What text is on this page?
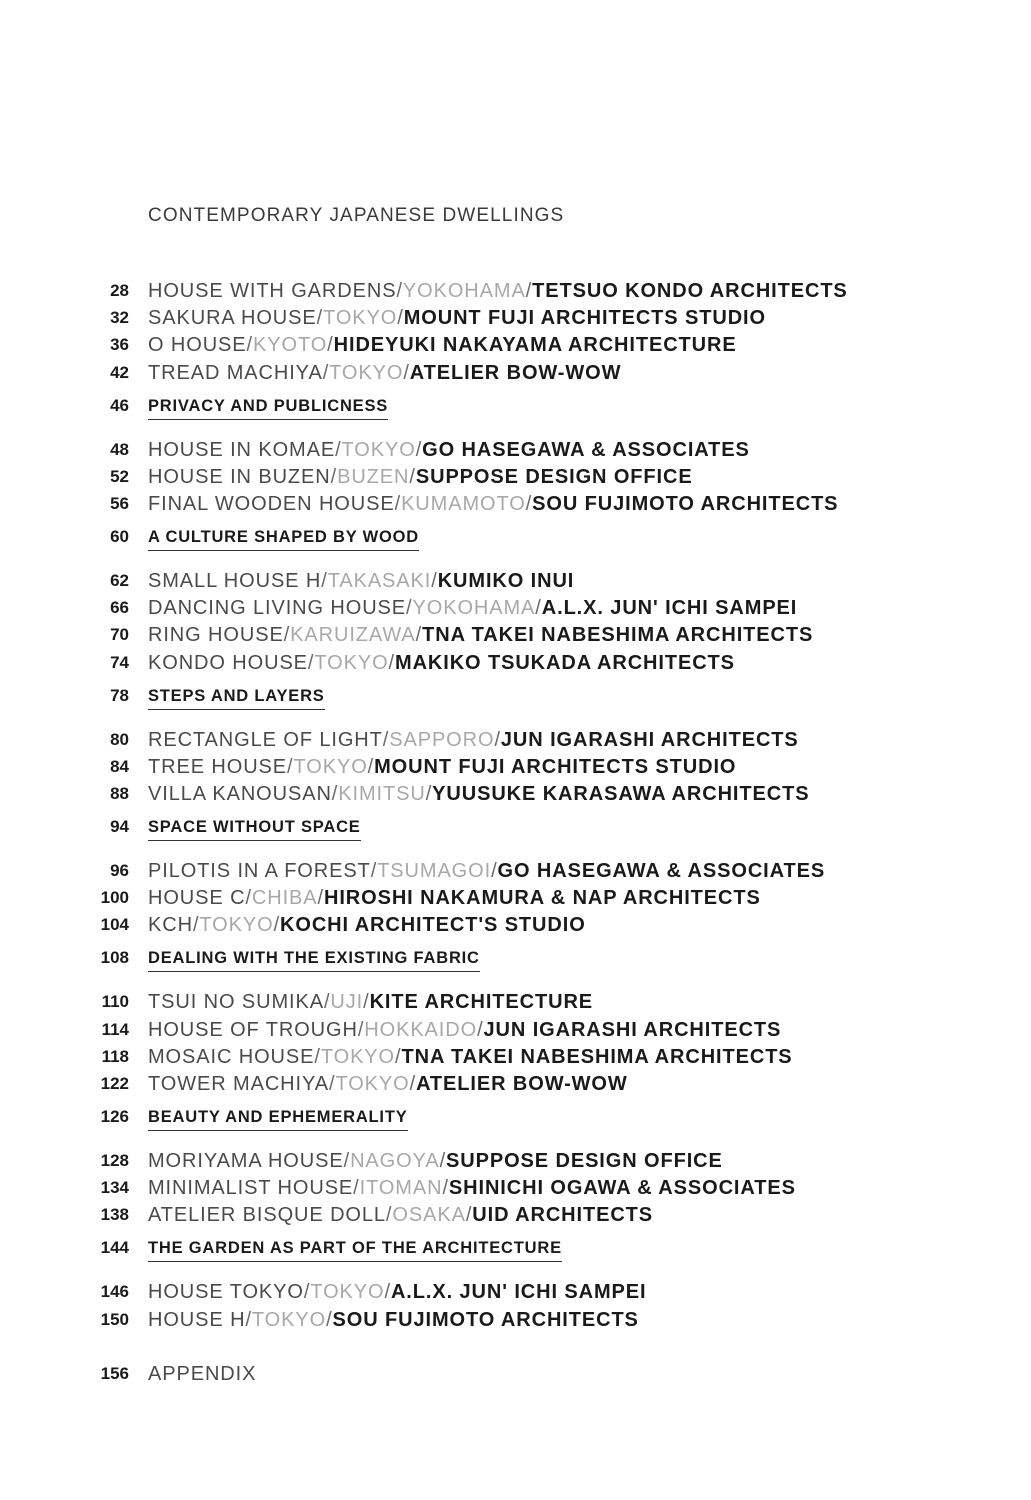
CONTEMPORARY JAPANESE DWELLINGS
28 HOUSE WITH GARDENS/YOKOHAMA/TETSUO KONDO ARCHITECTS
32 SAKURA HOUSE/TOKYO/MOUNT FUJI ARCHITECTS STUDIO
36 O HOUSE/KYOTO/HIDEYUKI NAKAYAMA ARCHITECTURE
42 TREAD MACHIYA/TOKYO/ATELIER BOW-WOW
46 PRIVACY AND PUBLICNESS
48 HOUSE IN KOMAE/TOKYO/GO HASEGAWA & ASSOCIATES
52 HOUSE IN BUZEN/BUZEN/SUPPOSE DESIGN OFFICE
56 FINAL WOODEN HOUSE/KUMAMOTO/SOU FUJIMOTO ARCHITECTS
60 A CULTURE SHAPED BY WOOD
62 SMALL HOUSE H/TAKASAKI/KUMIKO INUI
66 DANCING LIVING HOUSE/YOKOHAMA/A.L.X. JUN' ICHI SAMPEI
70 RING HOUSE/KARUIZAWA/TNA TAKEI NABESHIMA ARCHITECTS
74 KONDO HOUSE/TOKYO/MAKIKO TSUKADA ARCHITECTS
78 STEPS AND LAYERS
80 RECTANGLE OF LIGHT/SAPPORO/JUN IGARASHI ARCHITECTS
84 TREE HOUSE/TOKYO/MOUNT FUJI ARCHITECTS STUDIO
88 VILLA KANOUSAN/KIMITSU/YUUSUKE KARASAWA ARCHITECTS
94 SPACE WITHOUT SPACE
96 PILOTIS IN A FOREST/TSUMAGOI/GO HASEGAWA & ASSOCIATES
100 HOUSE C/CHIBA/HIROSHI NAKAMURA & NAP ARCHITECTS
104 KCH/TOKYO/KOCHI ARCHITECT'S STUDIO
108 DEALING WITH THE EXISTING FABRIC
110 TSUI NO SUMIKA/UJI/KITE ARCHITECTURE
114 HOUSE OF TROUGH/HOKKAIDO/JUN IGARASHI ARCHITECTS
118 MOSAIC HOUSE/TOKYO/TNA TAKEI NABESHIMA ARCHITECTS
122 TOWER MACHIYA/TOKYO/ATELIER BOW-WOW
126 BEAUTY AND EPHEMERALITY
128 MORIYAMA HOUSE/NAGOYA/SUPPOSE DESIGN OFFICE
134 MINIMALIST HOUSE/ITOMAN/SHINICHI OGAWA & ASSOCIATES
138 ATELIER BISQUE DOLL/OSAKA/UID ARCHITECTS
144 THE GARDEN AS PART OF THE ARCHITECTURE
146 HOUSE TOKYO/TOKYO/A.L.X. JUN' ICHI SAMPEI
150 HOUSE H/TOKYO/SOU FUJIMOTO ARCHITECTS
156 APPENDIX
